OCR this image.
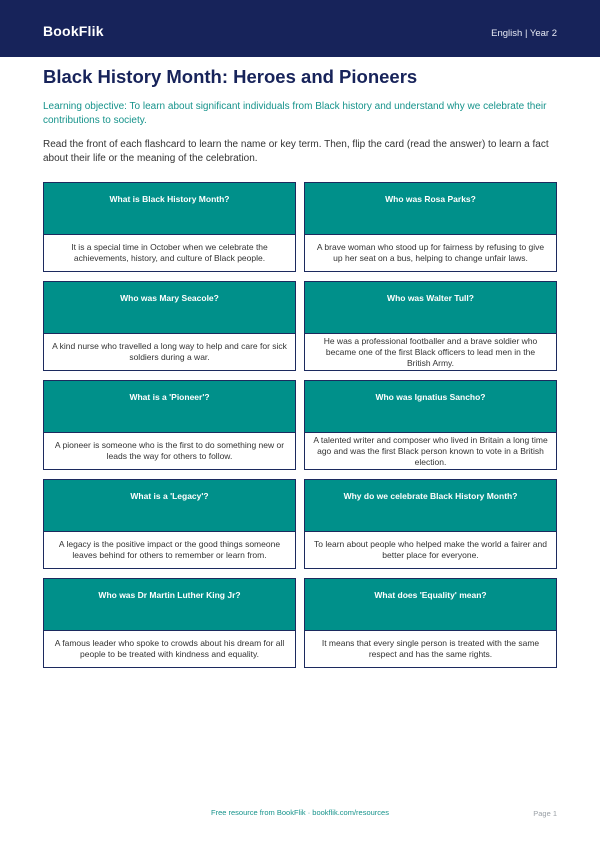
BookFlik	English | Year 2
Black History Month: Heroes and Pioneers
Learning objective: To learn about significant individuals from Black history and understand why we celebrate their contributions to society.
Read the front of each flashcard to learn the name or key term. Then, flip the card (read the answer) to learn a fact about their life or the meaning of the celebration.
What is Black History Month?
It is a special time in October when we celebrate the achievements, history, and culture of Black people.
Who was Rosa Parks?
A brave woman who stood up for fairness by refusing to give up her seat on a bus, helping to change unfair laws.
Who was Mary Seacole?
A kind nurse who travelled a long way to help and care for sick soldiers during a war.
Who was Walter Tull?
He was a professional footballer and a brave soldier who became one of the first Black officers to lead men in the British Army.
What is a 'Pioneer'?
A pioneer is someone who is the first to do something new or leads the way for others to follow.
Who was Ignatius Sancho?
A talented writer and composer who lived in Britain a long time ago and was the first Black person known to vote in a British election.
What is a 'Legacy'?
A legacy is the positive impact or the good things someone leaves behind for others to remember or learn from.
Why do we celebrate Black History Month?
To learn about people who helped make the world a fairer and better place for everyone.
Who was Dr Martin Luther King Jr?
A famous leader who spoke to crowds about his dream for all people to be treated with kindness and equality.
What does 'Equality' mean?
It means that every single person is treated with the same respect and has the same rights.
Free resource from BookFlik · bookflik.com/resources	Page 1
